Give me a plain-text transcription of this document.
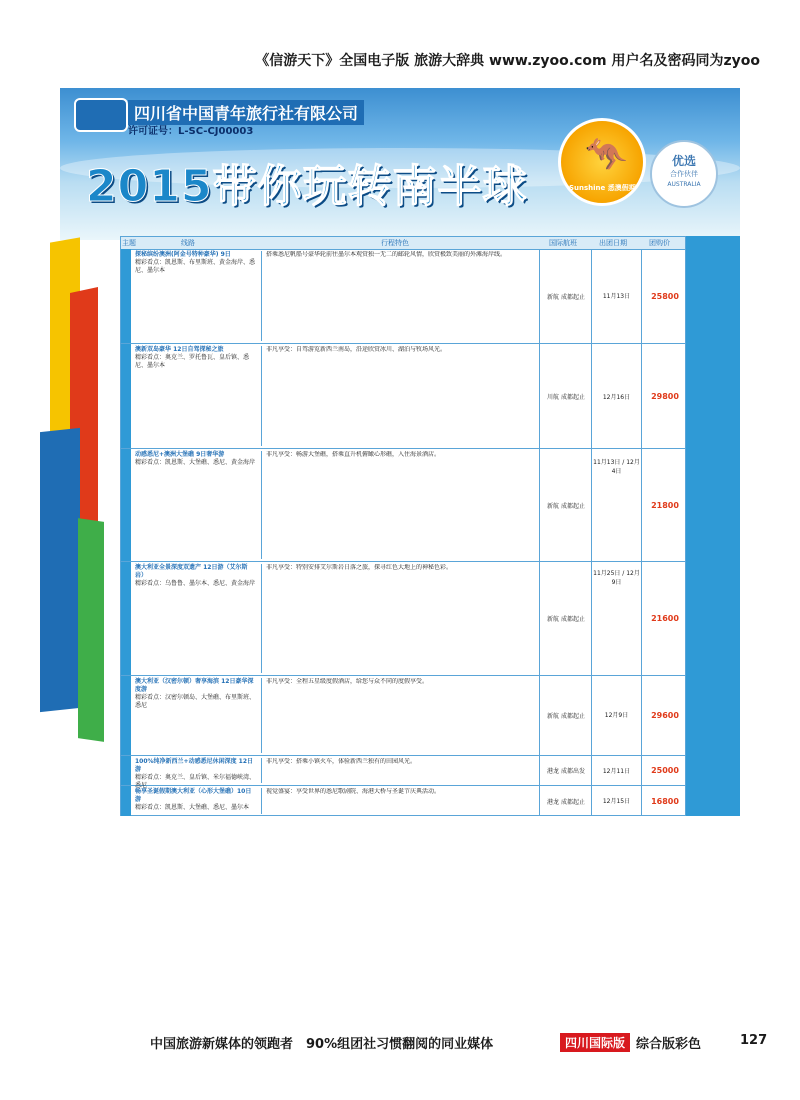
《信游天下》全国电子版 旅游大辞典 www.zyoo.com 用户名及密码同为zyoo
四川省中国青年旅行社有限公司
许可证号：L-SC-CJ00003
2015带你玩转南半球
🦘
Sunshine 悉澳假期
优选
合作伙伴
AUSTRALIA
主题	线路	行程特色	国际航班	出团日期	团购价
探秘缤纷澳洲(阿金号特种豪华) 9日
精彩看点：凯恩斯、布里斯班、黄金海岸、悉尼、墨尔本
搭乘悉尼帆船号豪华轮前往墨尔本观赏独一无二的邮轮风情，欣赏极致美丽的外滩海岸线。
新航 成都起止	11月13日	25800
澳新双岛豪华 12日自驾探秘之旅
精彩看点：奥克兰、罗托鲁瓦、皇后镇、悉尼、墨尔本
非凡享受：自驾游览新西兰南岛，沿途欣赏冰川、湖泊与牧场风光。
川航 成都起止	12月16日	29800
动感悉尼+澳洲大堡礁 9日奢华游
精彩看点：凯恩斯、大堡礁、悉尼、黄金海岸
非凡享受：畅游大堡礁，搭乘直升机俯瞰心形礁，入住海景酒店。
新航 成都起止
11月13日 / 12月4日
21800
澳大利亚全景深度双遗产 12日游（艾尔斯岩）
精彩看点：乌鲁鲁、墨尔本、悉尼、黄金海岸
非凡享受：特别安排艾尔斯岩日落之旅，探寻红色大地上的神秘色彩。
新航 成都起止
11月25日 / 12月9日
21600
澳大利亚（汉密尔顿）奢享海滨 12日豪华深度游
精彩看点：汉密尔顿岛、大堡礁、布里斯班、悉尼
非凡享受：全程五星级度假酒店，给您与众不同的度假享受。
新航 成都起止	12月9日	29600
100%纯净新西兰+动感悉尼休闲深度 12日游
精彩看点：奥克兰、皇后镇、米尔福德峡湾、悉尼
非凡享受：搭乘小镇火车，体验新西兰独有的田园风光。
港龙 成都出发	12月11日	25000
畅享圣诞假期澳大利亚（心形大堡礁）10日游
精彩看点：凯恩斯、大堡礁、悉尼、墨尔本
视觉盛宴：享受世界的悉尼歌剧院、海港大桥与圣诞节庆典活动。
港龙 成都起止	12月15日	16800
中国旅游新媒体的领跑者　90%组团社习惯翻阅的同业媒体	四川国际版 综合版彩色	127
